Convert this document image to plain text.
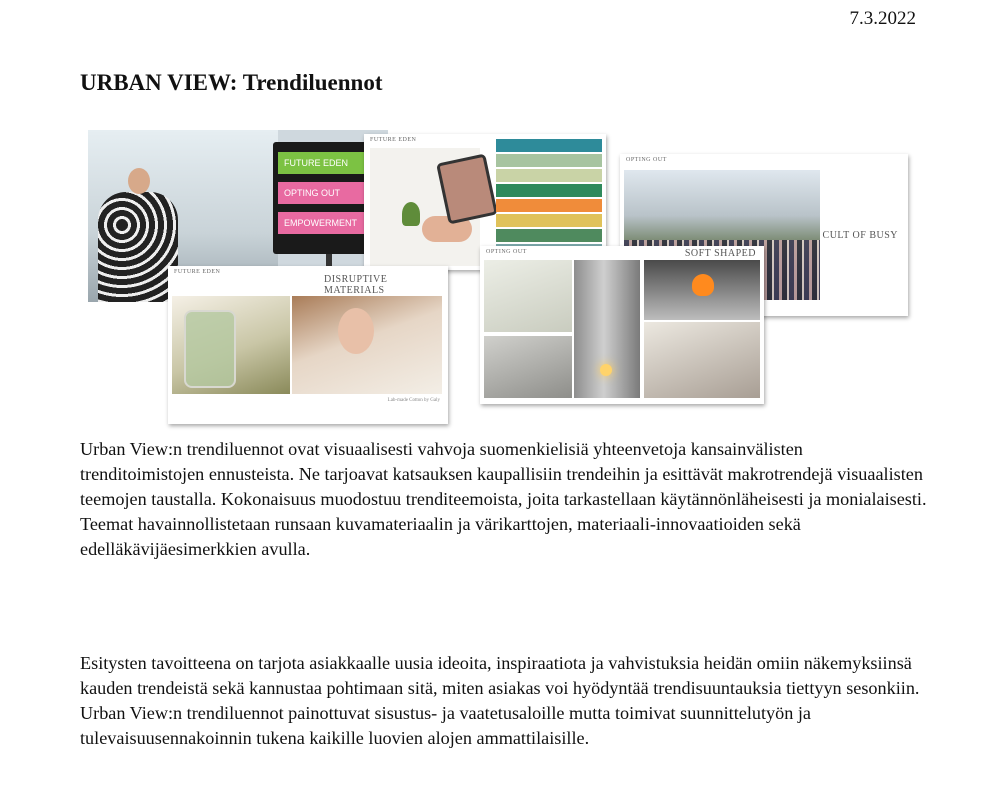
7.3.2022
URBAN VIEW: Trendiluennot
FUTURE EDEN
OPTING OUT
EMPOWERMENT
FUTURE EDEN
OPTING OUT
CULT OF BUSY
FUTURE EDEN
DISRUPTIVE MATERIALS
Lab-made Cotton by Galy
OPTING OUT	SOFT SHAPED

Urban View:n trendiluennot ovat visuaalisesti vahvoja suomenkielisiä yhteenvetoja kansainvälisten trenditoimistojen ennusteista. Ne tarjoavat katsauksen kaupallisiin trendeihin ja esittävät makrotrendejä visuaalisten teemojen taustalla. Kokonaisuus muodostuu trenditeemoista, joita tarkastellaan käytännönläheisesti ja monialaisesti. Teemat havainnollistetaan runsaan kuvamateriaalin ja värikarttojen, materiaali-innovaatioiden sekä edelläkävijäesimerkkien avulla.

Esitysten tavoitteena on tarjota asiakkaalle uusia ideoita, inspiraatiota ja vahvistuksia heidän omiin näkemyksiinsä kauden trendeistä sekä kannustaa pohtimaan sitä, miten asiakas voi hyödyntää trendisuuntauksia tiettyyn sesonkiin. Urban View:n trendiluennot painottuvat sisustus- ja vaatetusaloille mutta toimivat suunnittelutyön ja tulevaisuusennakoinnin tukena kaikille luovien alojen ammattilaisille.
